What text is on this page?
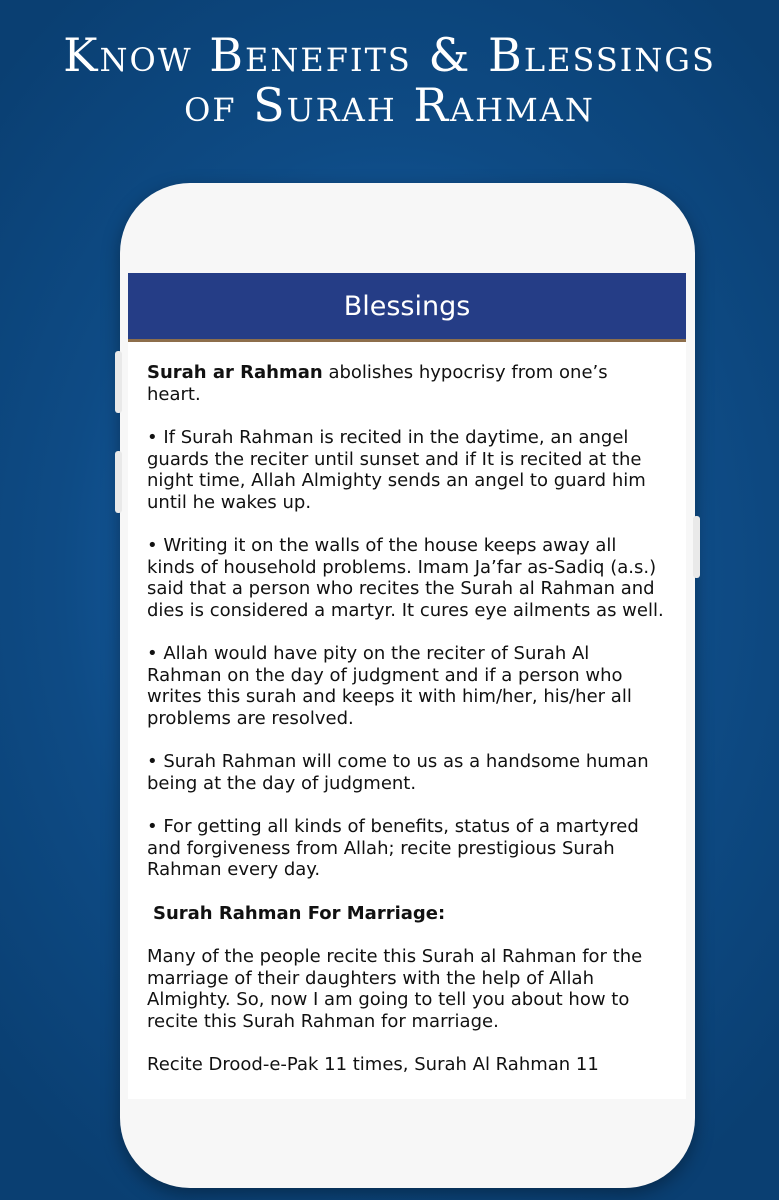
Know Benefits & Blessings
of Surah Rahman
Blessings

Surah ar Rahman abolishes hypocrisy from one’s heart.

• If Surah Rahman is recited in the daytime, an angel guards the reciter until sunset and if It is recited at the night time, Allah Almighty sends an angel to guard him until he wakes up.

• Writing it on the walls of the house keeps away all kinds of household problems. Imam Ja’far as-Sadiq (a.s.) said that a person who recites the Surah al Rahman and dies is considered a martyr. It cures eye ailments as well.

• Allah would have pity on the reciter of Surah Al Rahman on the day of judgment and if a person who writes this surah and keeps it with him/her, his/her all problems are resolved.

• Surah Rahman will come to us as a handsome human being at the day of judgment.

• For getting all kinds of benefits, status of a martyred and forgiveness from Allah; recite prestigious Surah Rahman every day.

Surah Rahman For Marriage:

Many of the people recite this Surah al Rahman for the marriage of their daughters with the help of Allah Almighty. So, now I am going to tell you about how to recite this Surah Rahman for marriage.

Recite Drood-e-Pak 11 times, Surah Al Rahman 11
